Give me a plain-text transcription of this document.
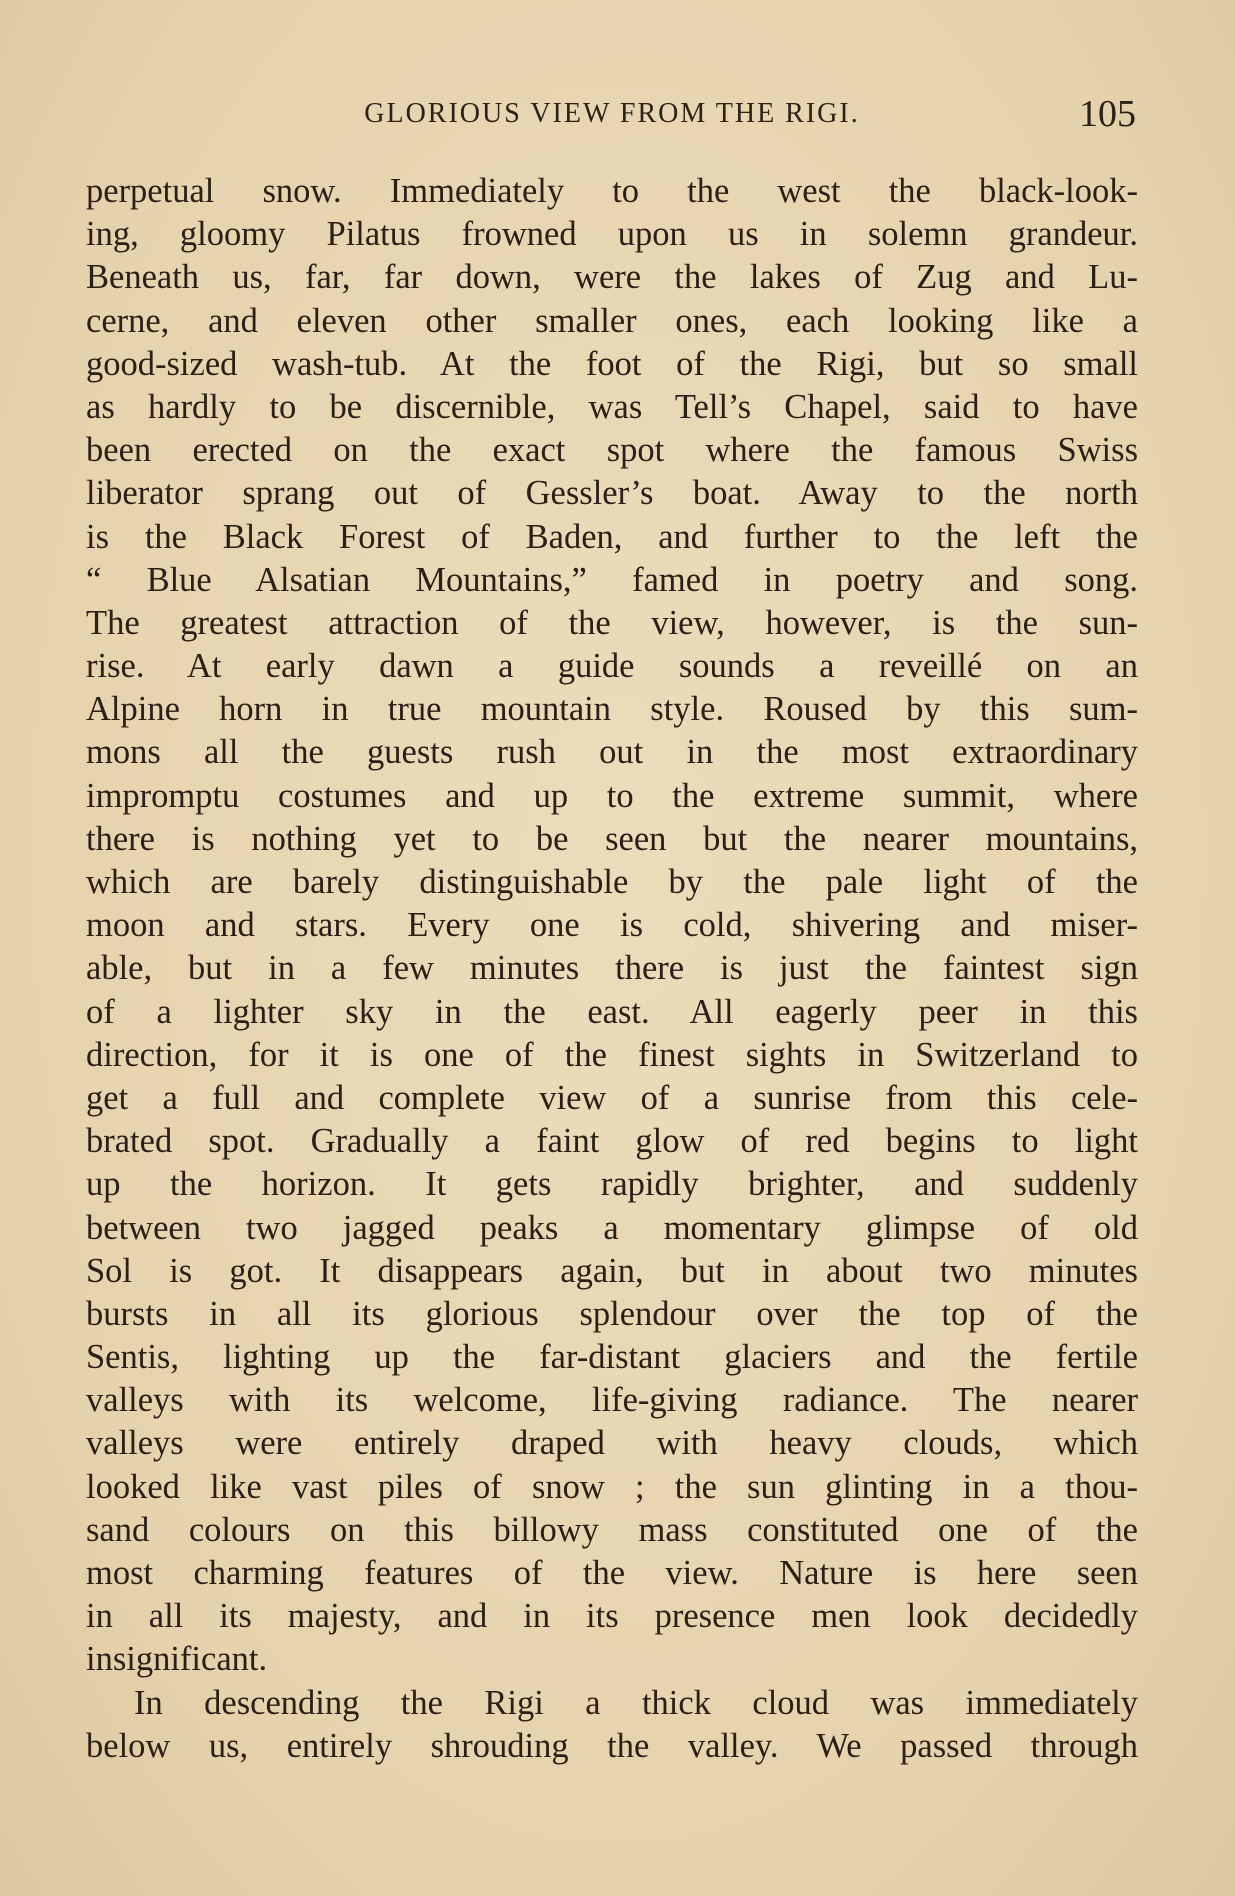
GLORIOUS VIEW FROM THE RIGI.	105
perpetual snow. Immediately to the west the black-look-
ing, gloomy Pilatus frowned upon us in solemn grandeur.
Beneath us, far, far down, were the lakes of Zug and Lu-
cerne, and eleven other smaller ones, each looking like a
good-sized wash-tub. At the foot of the Rigi, but so small
as hardly to be discernible, was Tell’s Chapel, said to have
been erected on the exact spot where the famous Swiss
liberator sprang out of Gessler’s boat. Away to the north
is the Black Forest of Baden, and further to the left the
“ Blue Alsatian Mountains,” famed in poetry and song.
The greatest attraction of the view, however, is the sun-
rise. At early dawn a guide sounds a reveillé on an
Alpine horn in true mountain style. Roused by this sum-
mons all the guests rush out in the most extraordinary
impromptu costumes and up to the extreme summit, where
there is nothing yet to be seen but the nearer mountains,
which are barely distinguishable by the pale light of the
moon and stars. Every one is cold, shivering and miser-
able, but in a few minutes there is just the faintest sign
of a lighter sky in the east. All eagerly peer in this
direction, for it is one of the finest sights in Switzerland to
get a full and complete view of a sunrise from this cele-
brated spot. Gradually a faint glow of red begins to light
up the horizon. It gets rapidly brighter, and suddenly
between two jagged peaks a momentary glimpse of old
Sol is got. It disappears again, but in about two minutes
bursts in all its glorious splendour over the top of the
Sentis, lighting up the far-distant glaciers and the fertile
valleys with its welcome, life-giving radiance. The nearer
valleys were entirely draped with heavy clouds, which
looked like vast piles of snow ; the sun glinting in a thou-
sand colours on this billowy mass constituted one of the
most charming features of the view. Nature is here seen
in all its majesty, and in its presence men look decidedly
insignificant.
In descending the Rigi a thick cloud was immediately
below us, entirely shrouding the valley. We passed through
